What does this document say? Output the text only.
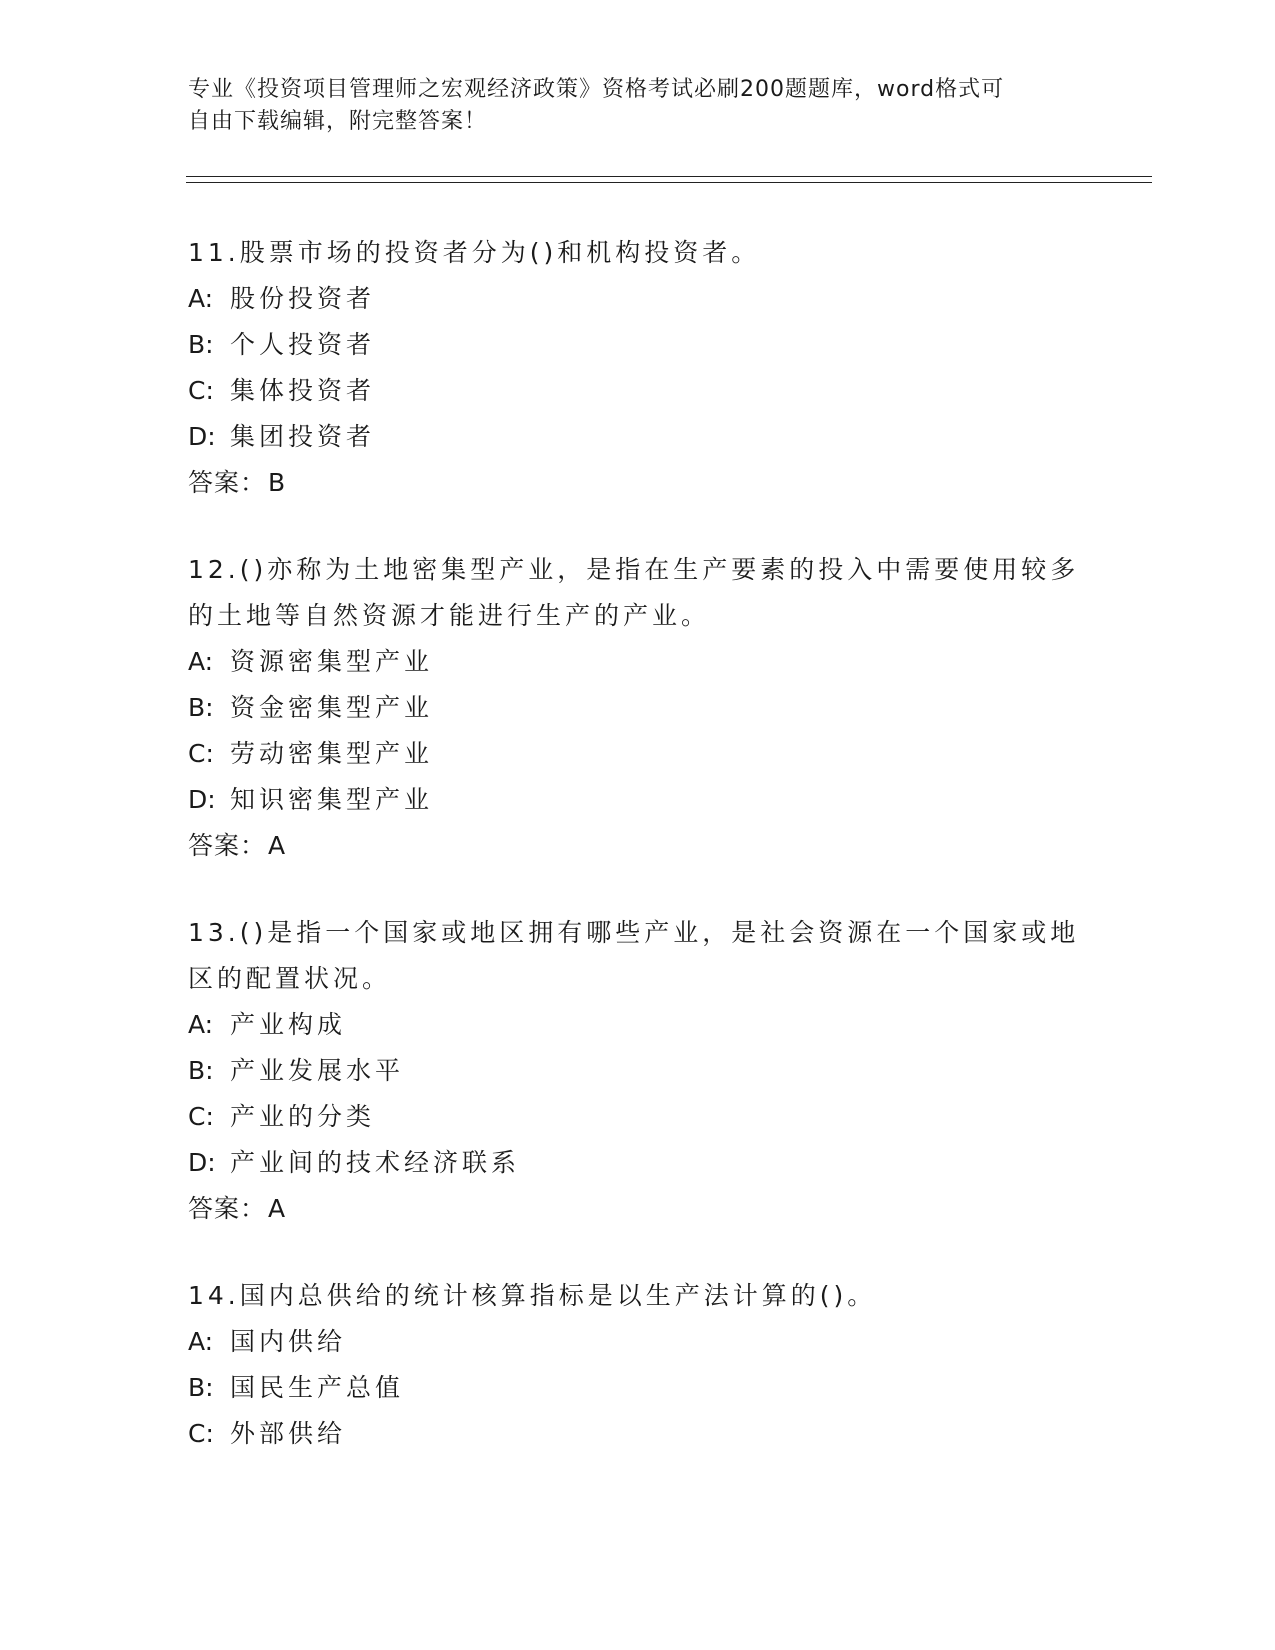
专业《投资项目管理师之宏观经济政策》资格考试必刷200题题库，word格式可
自由下载编辑，附完整答案！

11.股票市场的投资者分为()和机构投资者。

A: 股份投资者
B: 个人投资者
C: 集体投资者
D: 集团投资者
答案：B

12.()亦称为土地密集型产业，是指在生产要素的投入中需要使用较多的土地等自然资源才能进行生产的产业。

A: 资源密集型产业
B: 资金密集型产业
C: 劳动密集型产业
D: 知识密集型产业
答案：A

13.()是指一个国家或地区拥有哪些产业，是社会资源在一个国家或地区的配置状况。

A: 产业构成
B: 产业发展水平
C: 产业的分类
D: 产业间的技术经济联系
答案：A

14.国内总供给的统计核算指标是以生产法计算的()。

A: 国内供给
B: 国民生产总值
C: 外部供给
